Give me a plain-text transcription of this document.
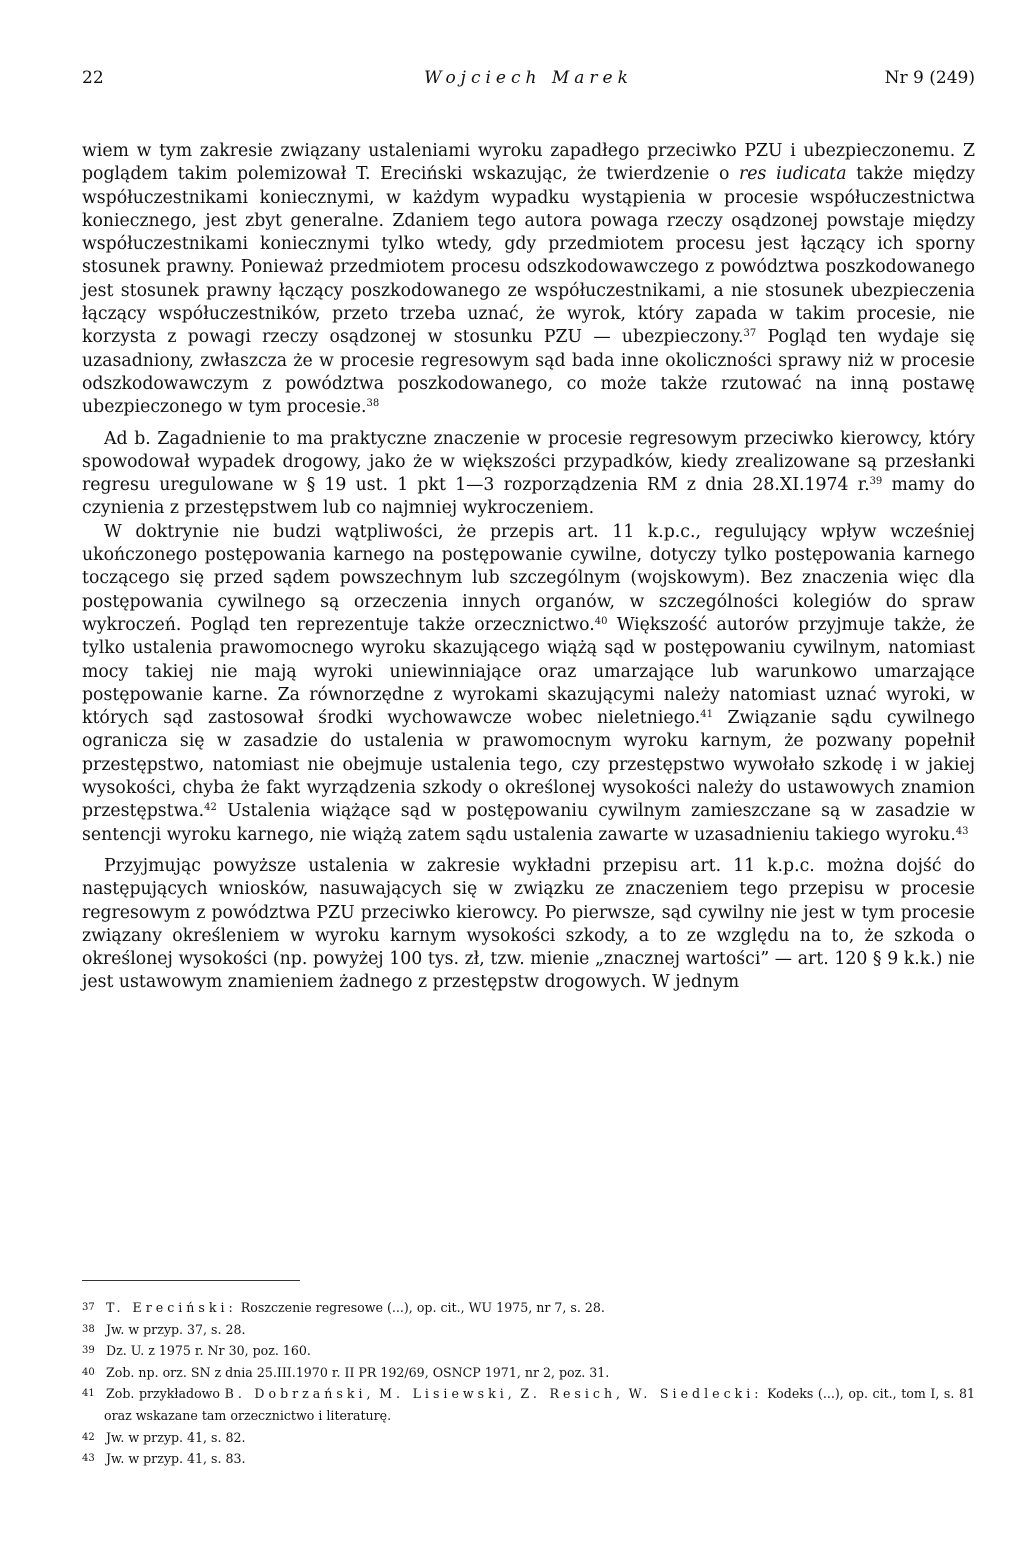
22	Wojciech Marek	Nr 9 (249)

wiem w tym zakresie związany ustaleniami wyroku zapadłego przeciwko PZU i ubezpieczonemu. Z poglądem takim polemizował T. Ereciński wskazując, że twierdzenie o res iudicata także między współuczestnikami koniecznymi, w każdym wypadku wystąpienia w procesie współuczestnictwa koniecznego, jest zbyt generalne. Zdaniem tego autora powaga rzeczy osądzonej powstaje między współuczestnikami koniecznymi tylko wtedy, gdy przedmiotem procesu jest łączący ich sporny stosunek prawny. Ponieważ przedmiotem procesu odszkodowawczego z powództwa poszkodowanego jest stosunek prawny łączący poszkodowanego ze współuczestnikami, a nie stosunek ubezpieczenia łączący współuczestników, przeto trzeba uznać, że wyrok, który zapada w takim procesie, nie korzysta z powagi rzeczy osądzonej w stosunku PZU — ubezpieczony.$^{37}$ Pogląd ten wydaje się uzasadniony, zwłaszcza że w procesie regresowym sąd bada inne okoliczności sprawy niż w procesie odszkodowawczym z powództwa poszkodowanego, co może także rzutować na inną postawę ubezpieczonego w tym procesie.$^{38}$

Ad b. Zagadnienie to ma praktyczne znaczenie w procesie regresowym przeciwko kierowcy, który spowodował wypadek drogowy, jako że w większości przypadków, kiedy zrealizowane są przesłanki regresu uregulowane w § 19 ust. 1 pkt 1—3 rozporządzenia RM z dnia 28.XI.1974 r.$^{39}$ mamy do czynienia z przestępstwem lub co najmniej wykroczeniem.

W doktrynie nie budzi wątpliwości, że przepis art. 11 k.p.c., regulujący wpływ wcześniej ukończonego postępowania karnego na postępowanie cywilne, dotyczy tylko postępowania karnego toczącego się przed sądem powszechnym lub szczególnym (wojskowym). Bez znaczenia więc dla postępowania cywilnego są orzeczenia innych organów, w szczególności kolegiów do spraw wykroczeń. Pogląd ten reprezentuje także orzecznictwo.$^{40}$ Większość autorów przyjmuje także, że tylko ustalenia prawomocnego wyroku skazującego wiążą sąd w postępowaniu cywilnym, natomiast mocy takiej nie mają wyroki uniewinniające oraz umarzające lub warunkowo umarzające postępowanie karne. Za równorzędne z wyrokami skazującymi należy natomiast uznać wyroki, w których sąd zastosował środki wychowawcze wobec nieletniego.$^{41}$ Związanie sądu cywilnego ogranicza się w zasadzie do ustalenia w prawomocnym wyroku karnym, że pozwany popełnił przestępstwo, natomiast nie obejmuje ustalenia tego, czy przestępstwo wywołało szkodę i w jakiej wysokości, chyba że fakt wyrządzenia szkody o określonej wysokości należy do ustawowych znamion przestępstwa.$^{42}$ Ustalenia wiążące sąd w postępowaniu cywilnym zamieszczane są w zasadzie w sentencji wyroku karnego, nie wiążą zatem sądu ustalenia zawarte w uzasadnieniu takiego wyroku.$^{43}$

Przyjmując powyższe ustalenia w zakresie wykładni przepisu art. 11 k.p.c. można dojść do następujących wniosków, nasuwających się w związku ze znaczeniem tego przepisu w procesie regresowym z powództwa PZU przeciwko kierowcy. Po pierwsze, sąd cywilny nie jest w tym procesie związany określeniem w wyroku karnym wysokości szkody, a to ze względu na to, że szkoda o określonej wysokości (np. powyżej 100 tys. zł, tzw. mienie „znacznej wartości” — art. 120 § 9 k.k.) nie jest ustawowym znamieniem żadnego z przestępstw drogowych. W jednym

37 T. Ereciński: Roszczenie regresowe (...), op. cit., WU 1975, nr 7, s. 28.

38 Jw. w przyp. 37, s. 28.

39 Dz. U. z 1975 r. Nr 30, poz. 160.

40 Zob. np. orz. SN z dnia 25.III.1970 r. II PR 192/69, OSNCP 1971, nr 2, poz. 31.

41 Zob. przykładowo B. Dobrzański, M. Lisiewski, Z. Resich, W. Siedlecki: Kodeks (...), op. cit., tom I, s. 81 oraz wskazane tam orzecznictwo i literaturę.

42 Jw. w przyp. 41, s. 82.

43 Jw. w przyp. 41, s. 83.
